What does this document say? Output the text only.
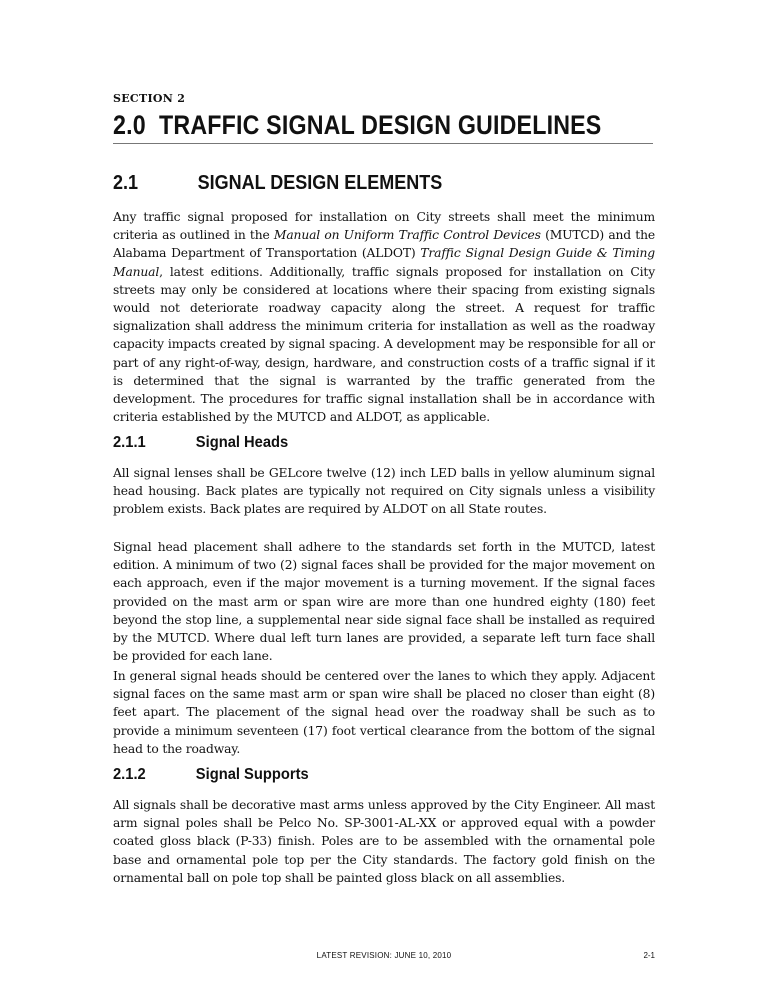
SECTION 2
2.0 TRAFFIC SIGNAL DESIGN GUIDELINES
2.1	SIGNAL DESIGN ELEMENTS

Any traffic signal proposed for installation on City streets shall meet the minimum criteria as outlined in the Manual on Uniform Traffic Control Devices (MUTCD) and the Alabama Department of Transportation (ALDOT) Traffic Signal Design Guide & Timing Manual, latest editions. Additionally, traffic signals proposed for installation on City streets may only be considered at locations where their spacing from existing signals would not deteriorate roadway capacity along the street. A request for traffic signalization shall address the minimum criteria for installation as well as the roadway capacity impacts created by signal spacing. A development may be responsible for all or part of any right-of-way, design, hardware, and construction costs of a traffic signal if it is determined that the signal is warranted by the traffic generated from the development. The procedures for traffic signal installation shall be in accordance with criteria established by the MUTCD and ALDOT, as applicable.

2.1.1	Signal Heads

All signal lenses shall be GELcore twelve (12) inch LED balls in yellow aluminum signal head housing. Back plates are typically not required on City signals unless a visibility problem exists. Back plates are required by ALDOT on all State routes.

Signal head placement shall adhere to the standards set forth in the MUTCD, latest edition. A minimum of two (2) signal faces shall be provided for the major movement on each approach, even if the major movement is a turning movement. If the signal faces provided on the mast arm or span wire are more than one hundred eighty (180) feet beyond the stop line, a supplemental near side signal face shall be installed as required by the MUTCD. Where dual left turn lanes are provided, a separate left turn face shall be provided for each lane.

In general signal heads should be centered over the lanes to which they apply. Adjacent signal faces on the same mast arm or span wire shall be placed no closer than eight (8) feet apart. The placement of the signal head over the roadway shall be such as to provide a minimum seventeen (17) foot vertical clearance from the bottom of the signal head to the roadway.

2.1.2	Signal Supports

All signals shall be decorative mast arms unless approved by the City Engineer. All mast arm signal poles shall be Pelco No. SP-3001-AL-XX or approved equal with a powder coated gloss black (P-33) finish. Poles are to be assembled with the ornamental pole base and ornamental pole top per the City standards. The factory gold finish on the ornamental ball on pole top shall be painted gloss black on all assemblies.

LATEST REVISION: JUNE 10, 2010	2-1
